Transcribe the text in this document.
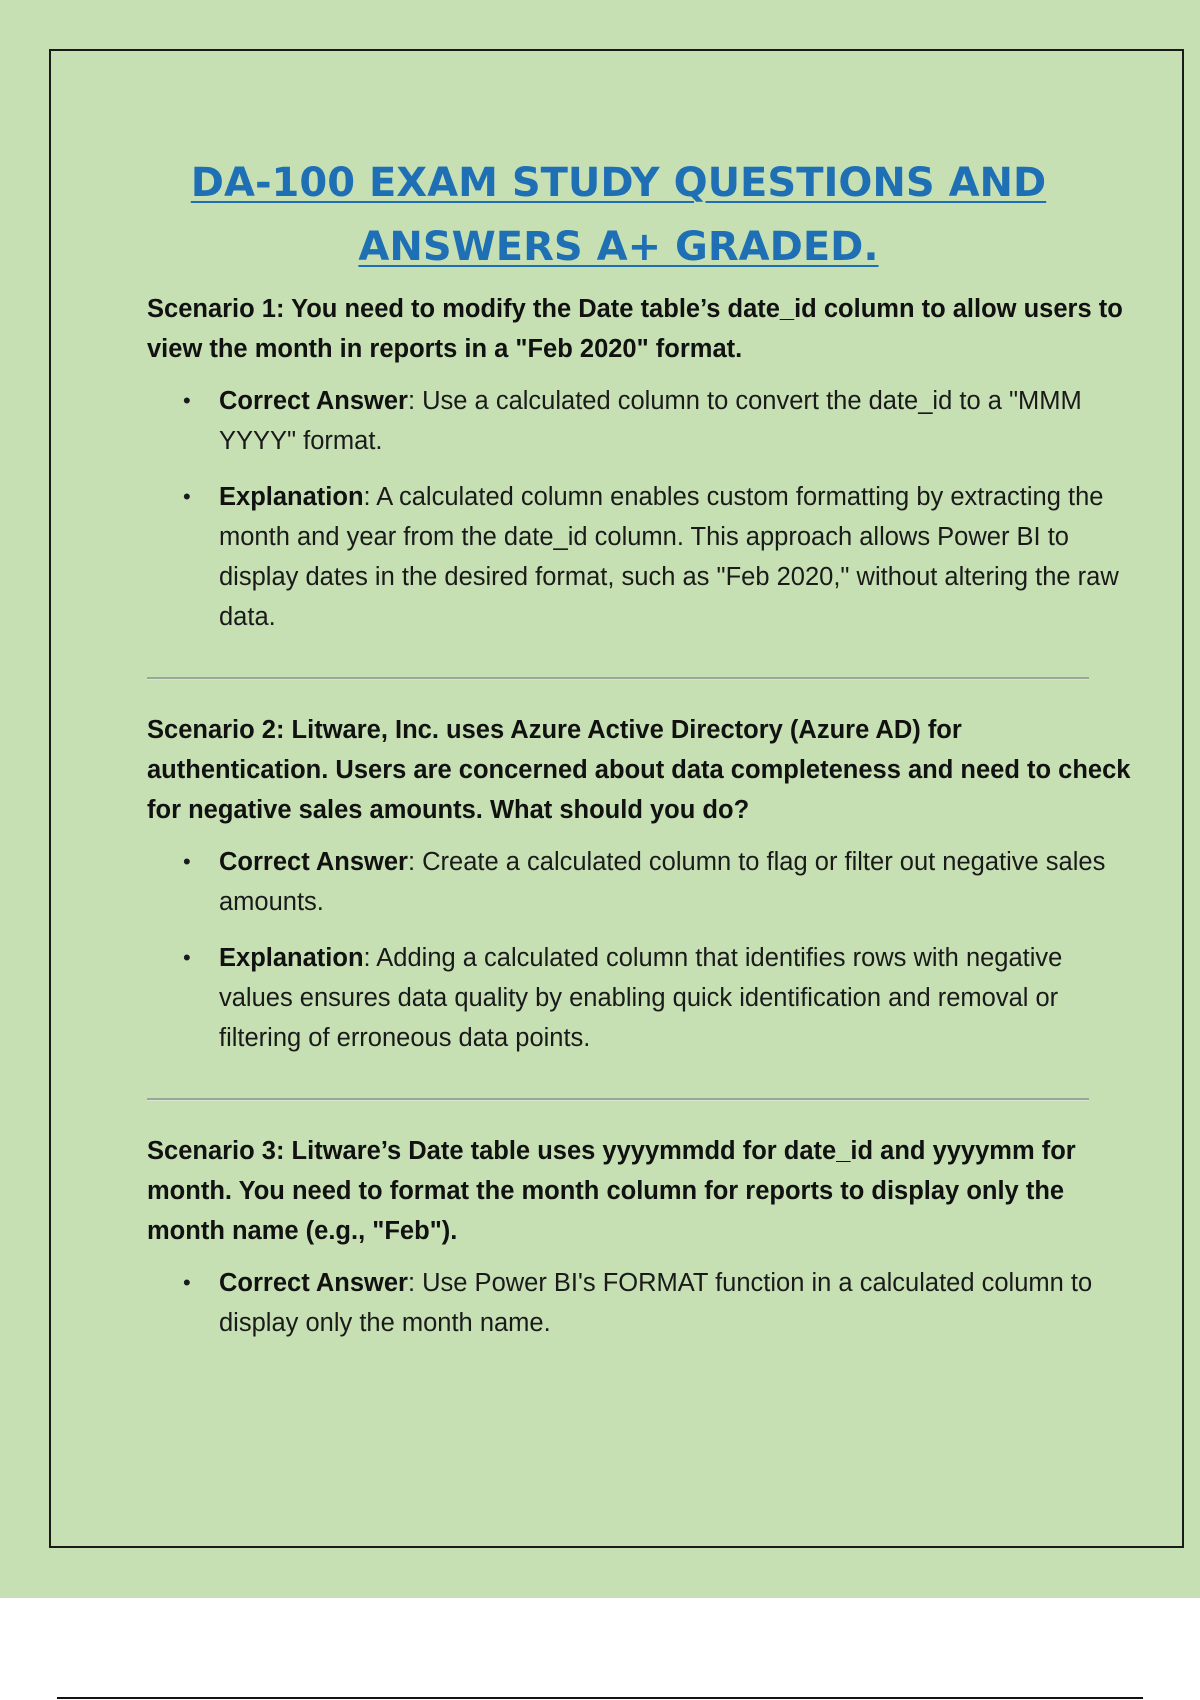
DA-100 EXAM STUDY QUESTIONS AND
ANSWERS A+ GRADED.

Scenario 1: You need to modify the Date table’s date_id column to allow users to view the month in reports in a "Feb 2020" format.

• Correct Answer: Use a calculated column to convert the date_id to a "MMM YYYY" format.
• Explanation: A calculated column enables custom formatting by extracting the month and year from the date_id column. This approach allows Power BI to display dates in the desired format, such as "Feb 2020," without altering the raw data.

Scenario 2: Litware, Inc. uses Azure Active Directory (Azure AD) for authentication. Users are concerned about data completeness and need to check for negative sales amounts. What should you do?

• Correct Answer: Create a calculated column to flag or filter out negative sales amounts.
• Explanation: Adding a calculated column that identifies rows with negative values ensures data quality by enabling quick identification and removal or filtering of erroneous data points.

Scenario 3: Litware’s Date table uses yyyymmdd for date_id and yyyymm for month. You need to format the month column for reports to display only the month name (e.g., "Feb").

• Correct Answer: Use Power BI's FORMAT function in a calculated column to display only the month name.
